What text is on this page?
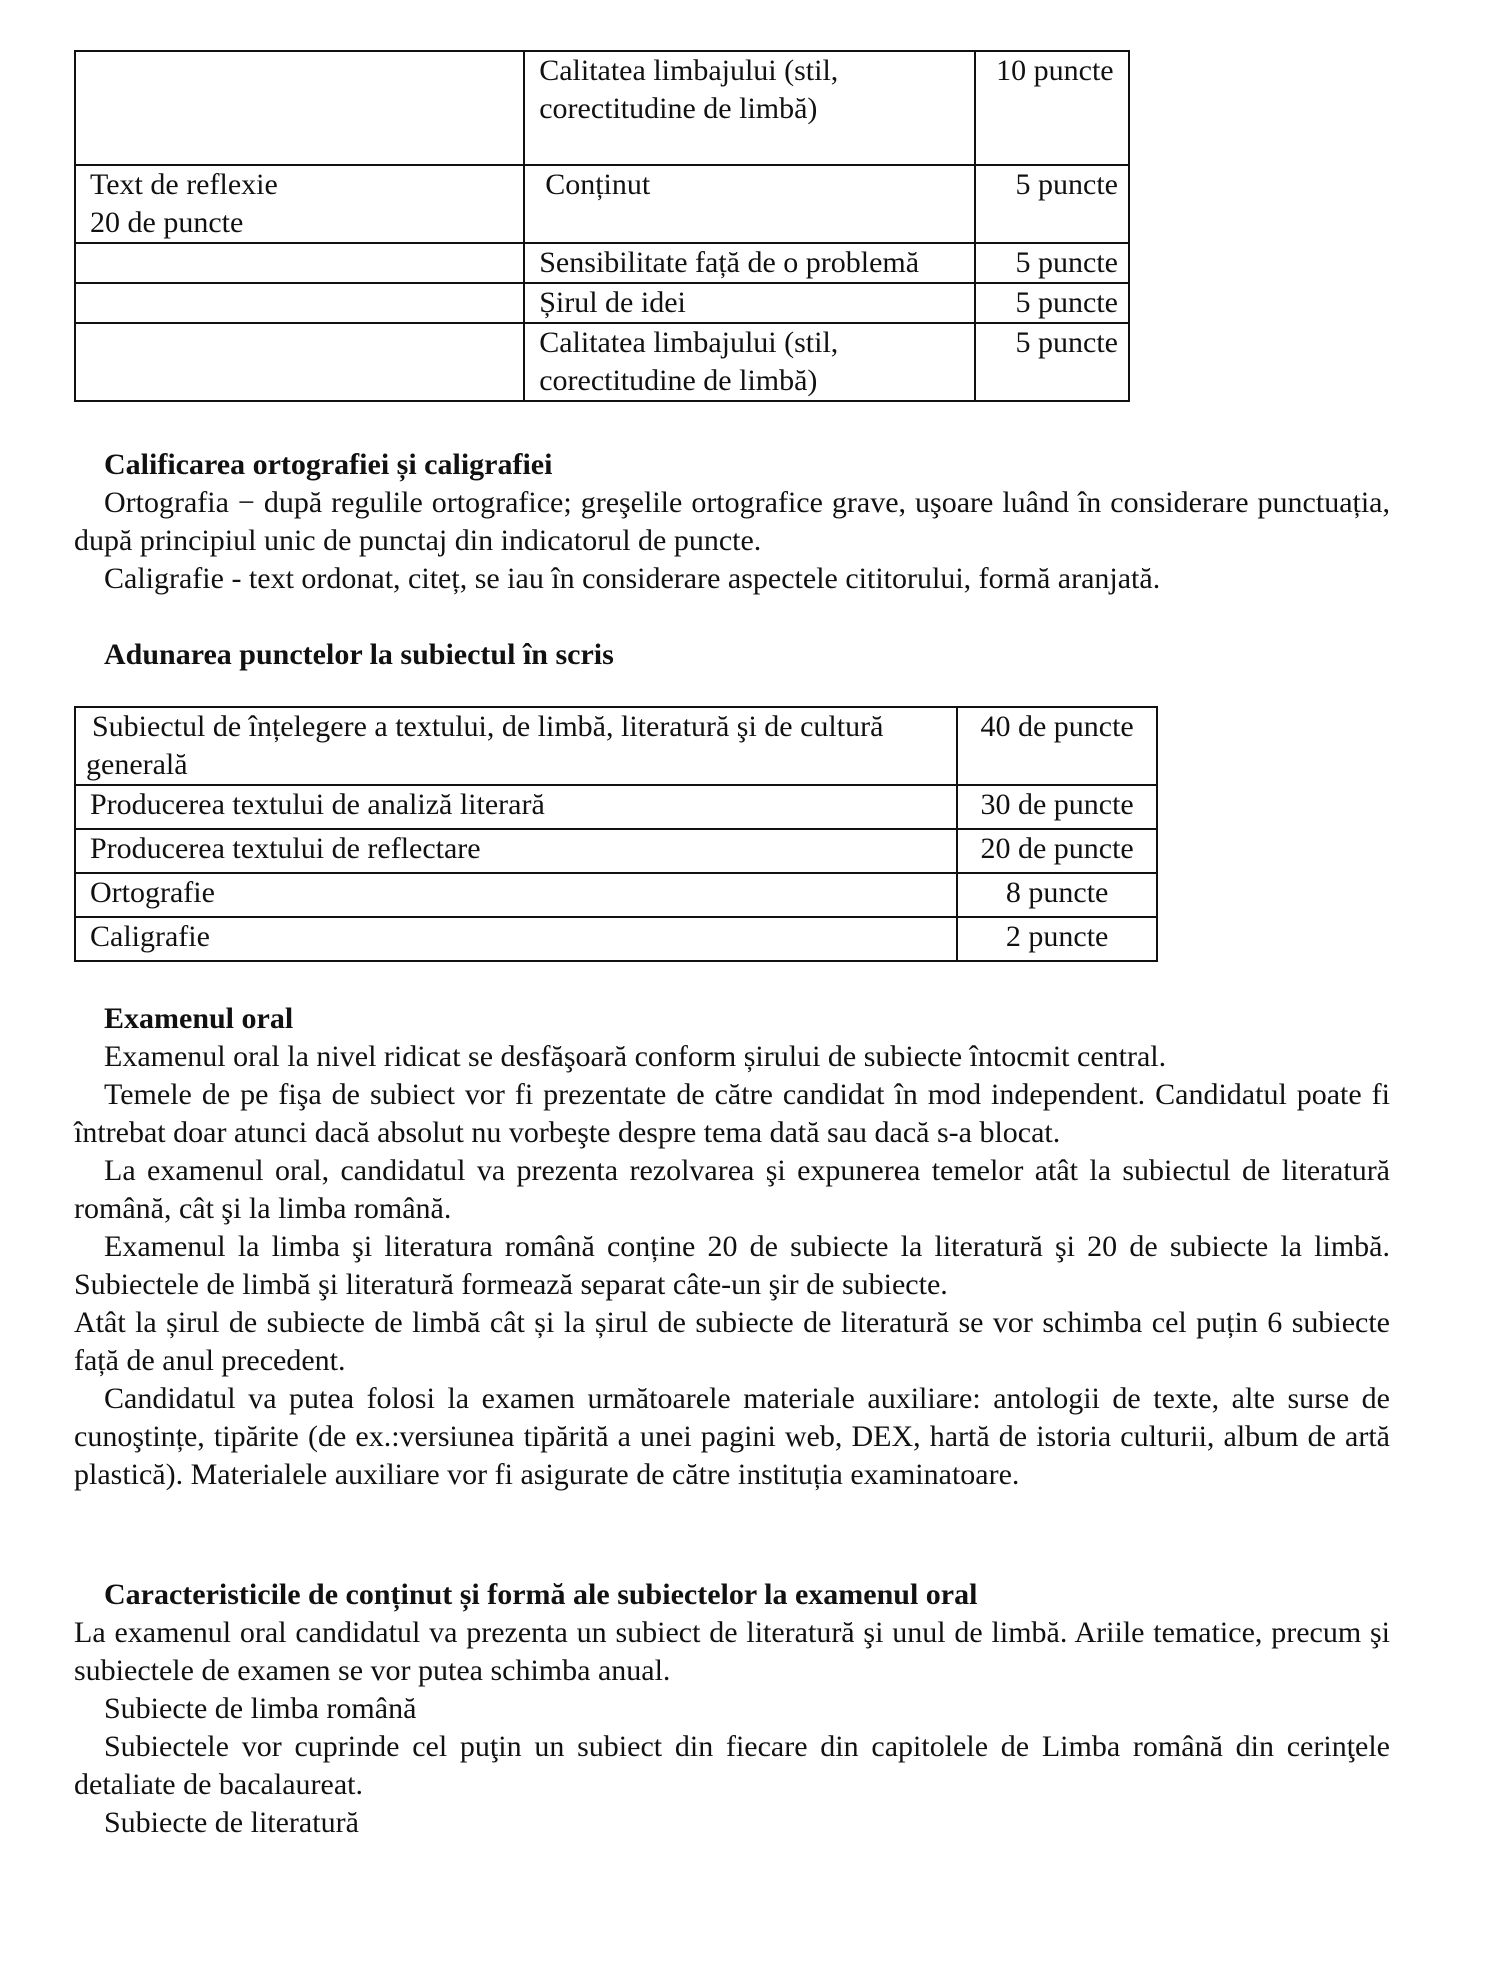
	Calitatea limbajului (stil, corectitudine de limbă)	10 puncte

Text de reflexie 20 de puncte	Conținut	5 puncte
	Sensibilitate față de o problemă	5 puncte
	Șirul de idei	5 puncte
	Calitatea limbajului (stil, corectitudine de limbă)	5 puncte
Calificarea ortografiei și caligrafiei

Ortografia − după regulile ortografice; greşelile ortografice grave, uşoare luând în considerare punctuația, după principiul unic de punctaj din indicatorul de puncte.

Caligrafie - text ordonat, citeț, se iau în considerare aspectele cititorului, formă aranjată.

Adunarea punctelor la subiectul în scris
Subiectul de înțelegere a textului, de limbă, literatură şi de cultură generală	40 de puncte
Producerea textului de analiză literară	30 de puncte
Producerea textului de reflectare	20 de puncte
Ortografie	8 puncte
Caligrafie	2 puncte
Examenul oral

Examenul oral la nivel ridicat se desfăşoară conform șirului de subiecte întocmit central.

Temele de pe fişa de subiect vor fi prezentate de către candidat în mod independent. Candidatul poate fi întrebat doar atunci dacă absolut nu vorbeşte despre tema dată sau dacă s-a blocat.

La examenul oral, candidatul va prezenta rezolvarea şi expunerea temelor atât la subiectul de literatură română, cât şi la limba română.

Examenul la limba şi literatura română conține 20 de subiecte la literatură şi 20 de subiecte la limbă. Subiectele de limbă şi literatură formează separat câte-un şir de subiecte.

Atât la șirul de subiecte de limbă cât și la șirul de subiecte de literatură se vor schimba cel puțin 6 subiecte față de anul precedent.

Candidatul va putea folosi la examen următoarele materiale auxiliare: antologii de texte, alte surse de cunoştințe, tipărite (de ex.:versiunea tipărită a unei pagini web, DEX, hartă de istoria culturii, album de artă plastică). Materialele auxiliare vor fi asigurate de către instituția examinatoare.

Caracteristicile de conținut și formă ale subiectelor la examenul oral

La examenul oral candidatul va prezenta un subiect de literatură şi unul de limbă. Ariile tematice, precum şi subiectele de examen se vor putea schimba anual.

Subiecte de limba română

Subiectele vor cuprinde cel puţin un subiect din fiecare din capitolele de Limba română din cerinţele detaliate de bacalaureat.

Subiecte de literatură
